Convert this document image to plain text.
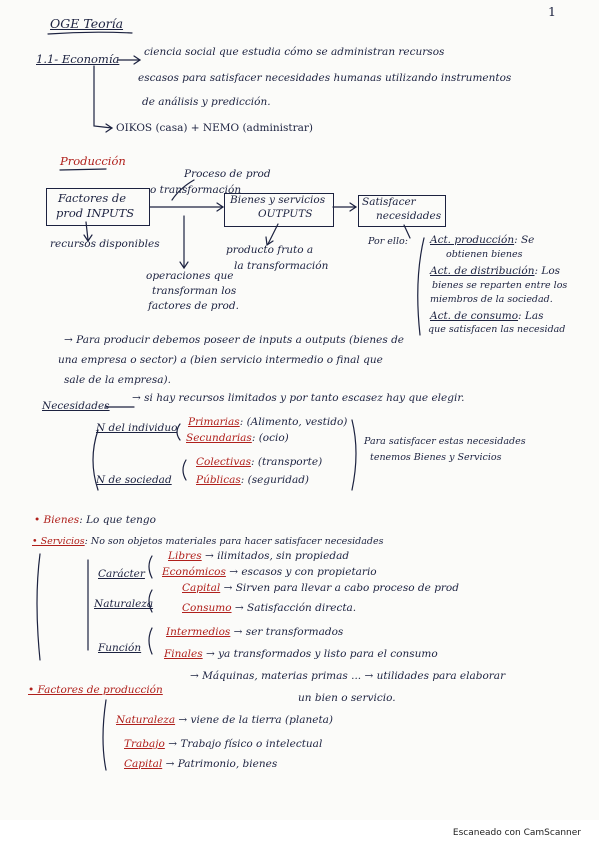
1
OGE Teoría
1.1- Economía ciencia social que estudia cómo se administran recursos
escasos para satisfacer necesidades humanas utilizando instrumentos
de análisis y predicción.
OIKOS (casa) + NEMO (administrar)
Producción
Factores de
prod INPUTS
Proceso de prod
o transformación
Bienes y servicios
OUTPUTS
Satisfacer
necesidades
recursos disponibles
operaciones que
transforman los
factores de prod.
producto fruto a
la transformación
Por ello: Act. producción: Se
obtienen bienes
Act. de distribución: Los
bienes se reparten entre los
miembros de la sociedad.
Act. de consumo: Las
que satisfacen las necesidad
→ Para producir debemos poseer de inputs a outputs (bienes de
una empresa o sector) a (bien servicio intermedio o final que
sale de la empresa).
Necesidades
→ si hay recursos limitados y por tanto escasez hay que elegir.
N del individuo Primarias: (Alimento, vestido)
Secundarias: (ocio)
N de sociedad
Colectivas: (transporte)
Públicas: (seguridad)
Para satisfacer estas necesidades
tenemos Bienes y Servicios
• Bienes: Lo que tengo
• Servicios: No son objetos materiales para hacer satisfacer necesidades
Carácter
Libres → ilimitados, sin propiedad
Económicos → escasos y con propietario
Naturaleza
Capital → Sirven para llevar a cabo proceso de prod
Consumo → Satisfacción directa.
Función
Intermedios → ser transformados
Finales → ya transformados y listo para el consumo
• Factores de producción
→ Máquinas, materias primas ... → utilidades para elaborar
un bien o servicio.
Naturaleza → viene de la tierra (planeta)
Trabajo → Trabajo físico o intelectual
Capital → Patrimonio, bienes
Escaneado con CamScanner
